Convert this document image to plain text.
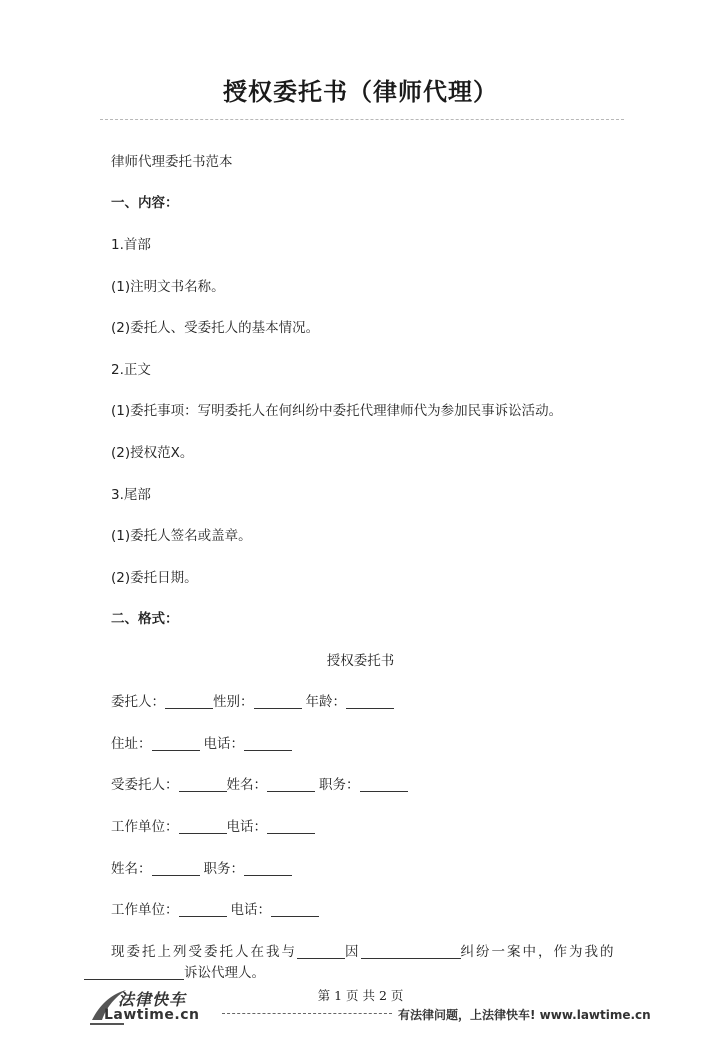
授权委托书（律师代理）
律师代理委托书范本
一、内容：
1.首部
(1)注明文书名称。
(2)委托人、受委托人的基本情况。
2.正文
(1)委托事项：写明委托人在何纠纷中委托代理律师代为参加民事诉讼活动。
(2)授权范X。
3.尾部
(1)委托人签名或盖章。
(2)委托日期。
二、格式：
授权委托书
委托人：	性别：	年龄：
住址：	电话：
受委托人：	姓名：	职务：
工作单位：	电话：
姓名：	职务：
工作单位：	电话：
现委托上列受委托人在我与	因	纠纷一案中，作为我的
诉讼代理人。
第 1 页 共 2 页
法律快车
Lawtime.cn	有法律问题，上法律快车! www.lawtime.cn
